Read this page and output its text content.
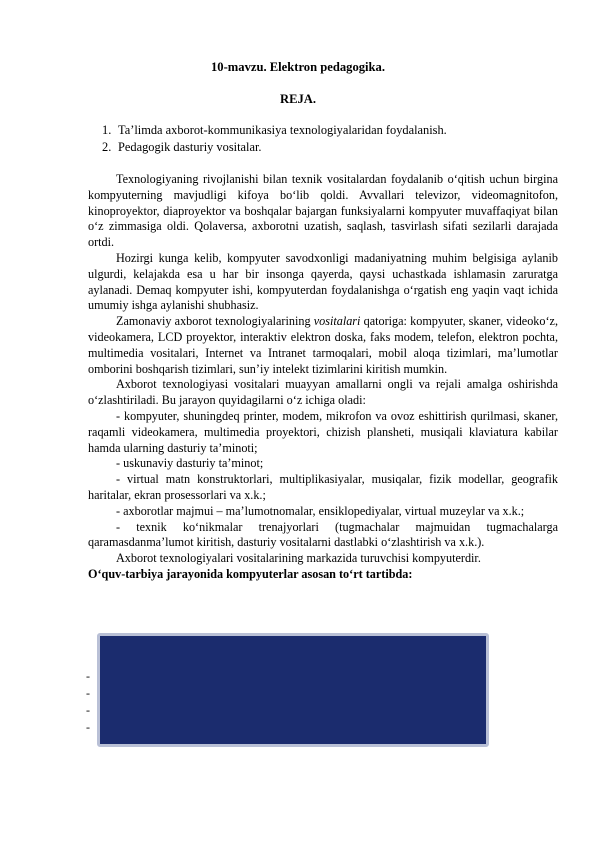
10-mavzu. Elektron pedagogika.
REJA.
1. Ta’limda axborot-kommunikasiya texnologiyalaridan foydalanish.
2. Pedagogik dasturiy vositalar.

Texnologiyaning rivojlanishi bilan texnik vositalardan foydalanib o‘qitish uchun birgina kompyuterning mavjudligi kifoya bo‘lib qoldi. Avvallari televizor, videomagnitofon, kinoproyektor, diaproyektor va boshqalar bajargan funksiyalarni kompyuter muvaffaqiyat bilan o‘z zimmasiga oldi. Qolaversa, axborotni uzatish, saqlash, tasvirlash sifati sezilarli darajada ortdi.

Hozirgi kunga kelib, kompyuter savodxonligi madaniyatning muhim belgisiga aylanib ulgurdi, kelajakda esa u har bir insonga qayerda, qaysi uchastkada ishlamasin zaruratga aylanadi. Demaq kompyuter ishi, kompyuterdan foydalanishga o‘rgatish eng yaqin vaqt ichida umumiy ishga aylanishi shubhasiz.

Zamonaviy axborot texnologiyalarining vositalari qatoriga: kompyuter, skaner, videoko‘z, videokamera, LCD proyektor, interaktiv elektron doska, faks modem, telefon, elektron pochta, multimedia vositalari, Internet va Intranet tarmoqalari, mobil aloqa tizimlari, ma’lumotlar omborini boshqarish tizimlari, sun’iy intelekt tizimlarini kiritish mumkin.

Axborot texnologiyasi vositalari muayyan amallarni ongli va rejali amalga oshirishda o‘zlashtiriladi. Bu jarayon quyidagilarni o‘z ichiga oladi:

- kompyuter, shuningdeq printer, modem, mikrofon va ovoz eshittirish qurilmasi, skaner, raqamli videokamera, multimedia proyektori, chizish plansheti, musiqali klaviatura kabilar hamda ularning dasturiy ta’minoti;

- uskunaviy dasturiy ta’minot;

- virtual matn konstruktorlari, multiplikasiyalar, musiqalar, fizik modellar, geografik haritalar, ekran prosessorlari va x.k.;

- axborotlar majmui – ma’lumotnomalar, ensiklopediyalar, virtual muzeylar va x.k.;

- texnik ko‘nikmalar trenajyorlari (tugmachalar majmuidan tugmachalarga qaramasdanma’lumot kiritish, dasturiy vositalarni dastlabki o‘zlashtirish va x.k.).

Axborot texnologiyalari vositalarining markazida turuvchisi kompyuterdir.

O‘quv-tarbiya jarayonida kompyuterlar asosan to‘rt tartibda:

-
-
-
-
